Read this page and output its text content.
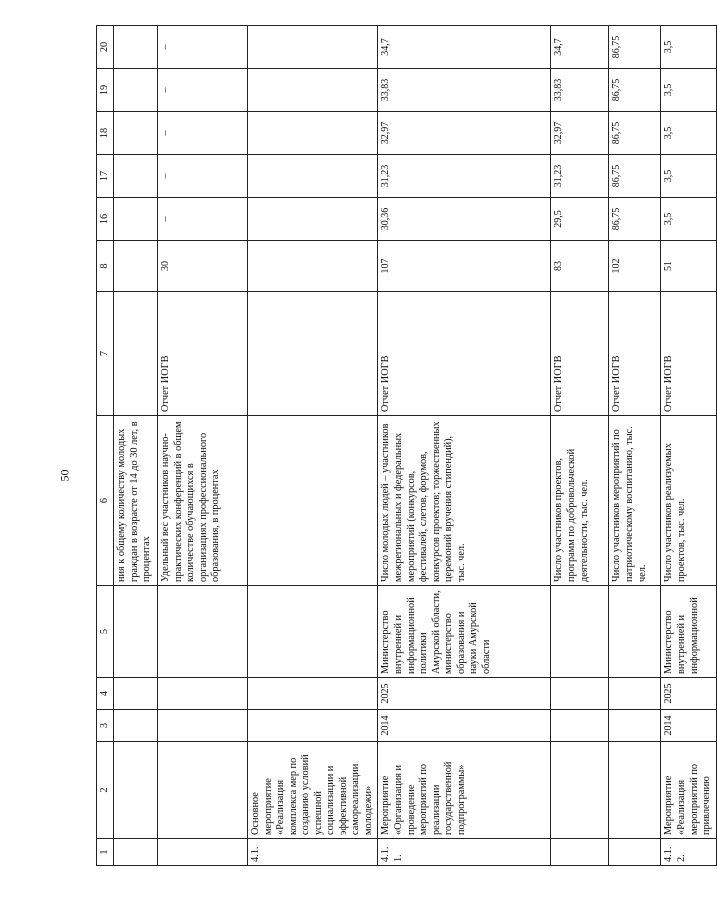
50
1	2	3	4	5	6	7	8	16	17	18	19	20
					ния к общему количеству молодых граждан в возрасте от 14 до 30 лет, в процентах							
					Удельный вес участников научно-практических конференций в общем количестве обучающихся в организациях профессионального образования, в процентах	Отчет ИОГВ	30	–	–	–	–	–
4.1.	Основное мероприятие «Реализация комплекса мер по созданию условий успешной социализации и эффективной самореализации молодежи»											
4.1.1.	Мероприятие «Организация и проведение мероприятий по реализации государственной подпрограммы»	2014	2025	Министерство внутренней и информационной политики Амурской области, министерство образования и науки Амурской области	Число молодых людей – участников межрегиональных и федеральных мероприятий (конкурсов, фестивалей, слетов, форумов, конкурсов проектов; торжественных церемоний вручения стипендий), тыс. чел.	Отчет ИОГВ	107	30,36	31,23	32,97	33,83	34,7
					Число участников проектов, программ по добровольческой деятельности, тыс. чел.	Отчет ИОГВ	83	29,5	31,23	32,97	33,83	34,7
					Число участников мероприятий по патриотическому воспитанию, тыс. чел.	Отчет ИОГВ	102	86,75	86,75	86,75	86,75	86,75
4.1.2.	Мероприятие «Реализация мероприятий по привлечению	2014	2025	Министерство внутренней и информационной	Число участников реализуемых проектов, тыс. чел.	Отчет ИОГВ	51	3,5	3,5	3,5	3,5	3,5
